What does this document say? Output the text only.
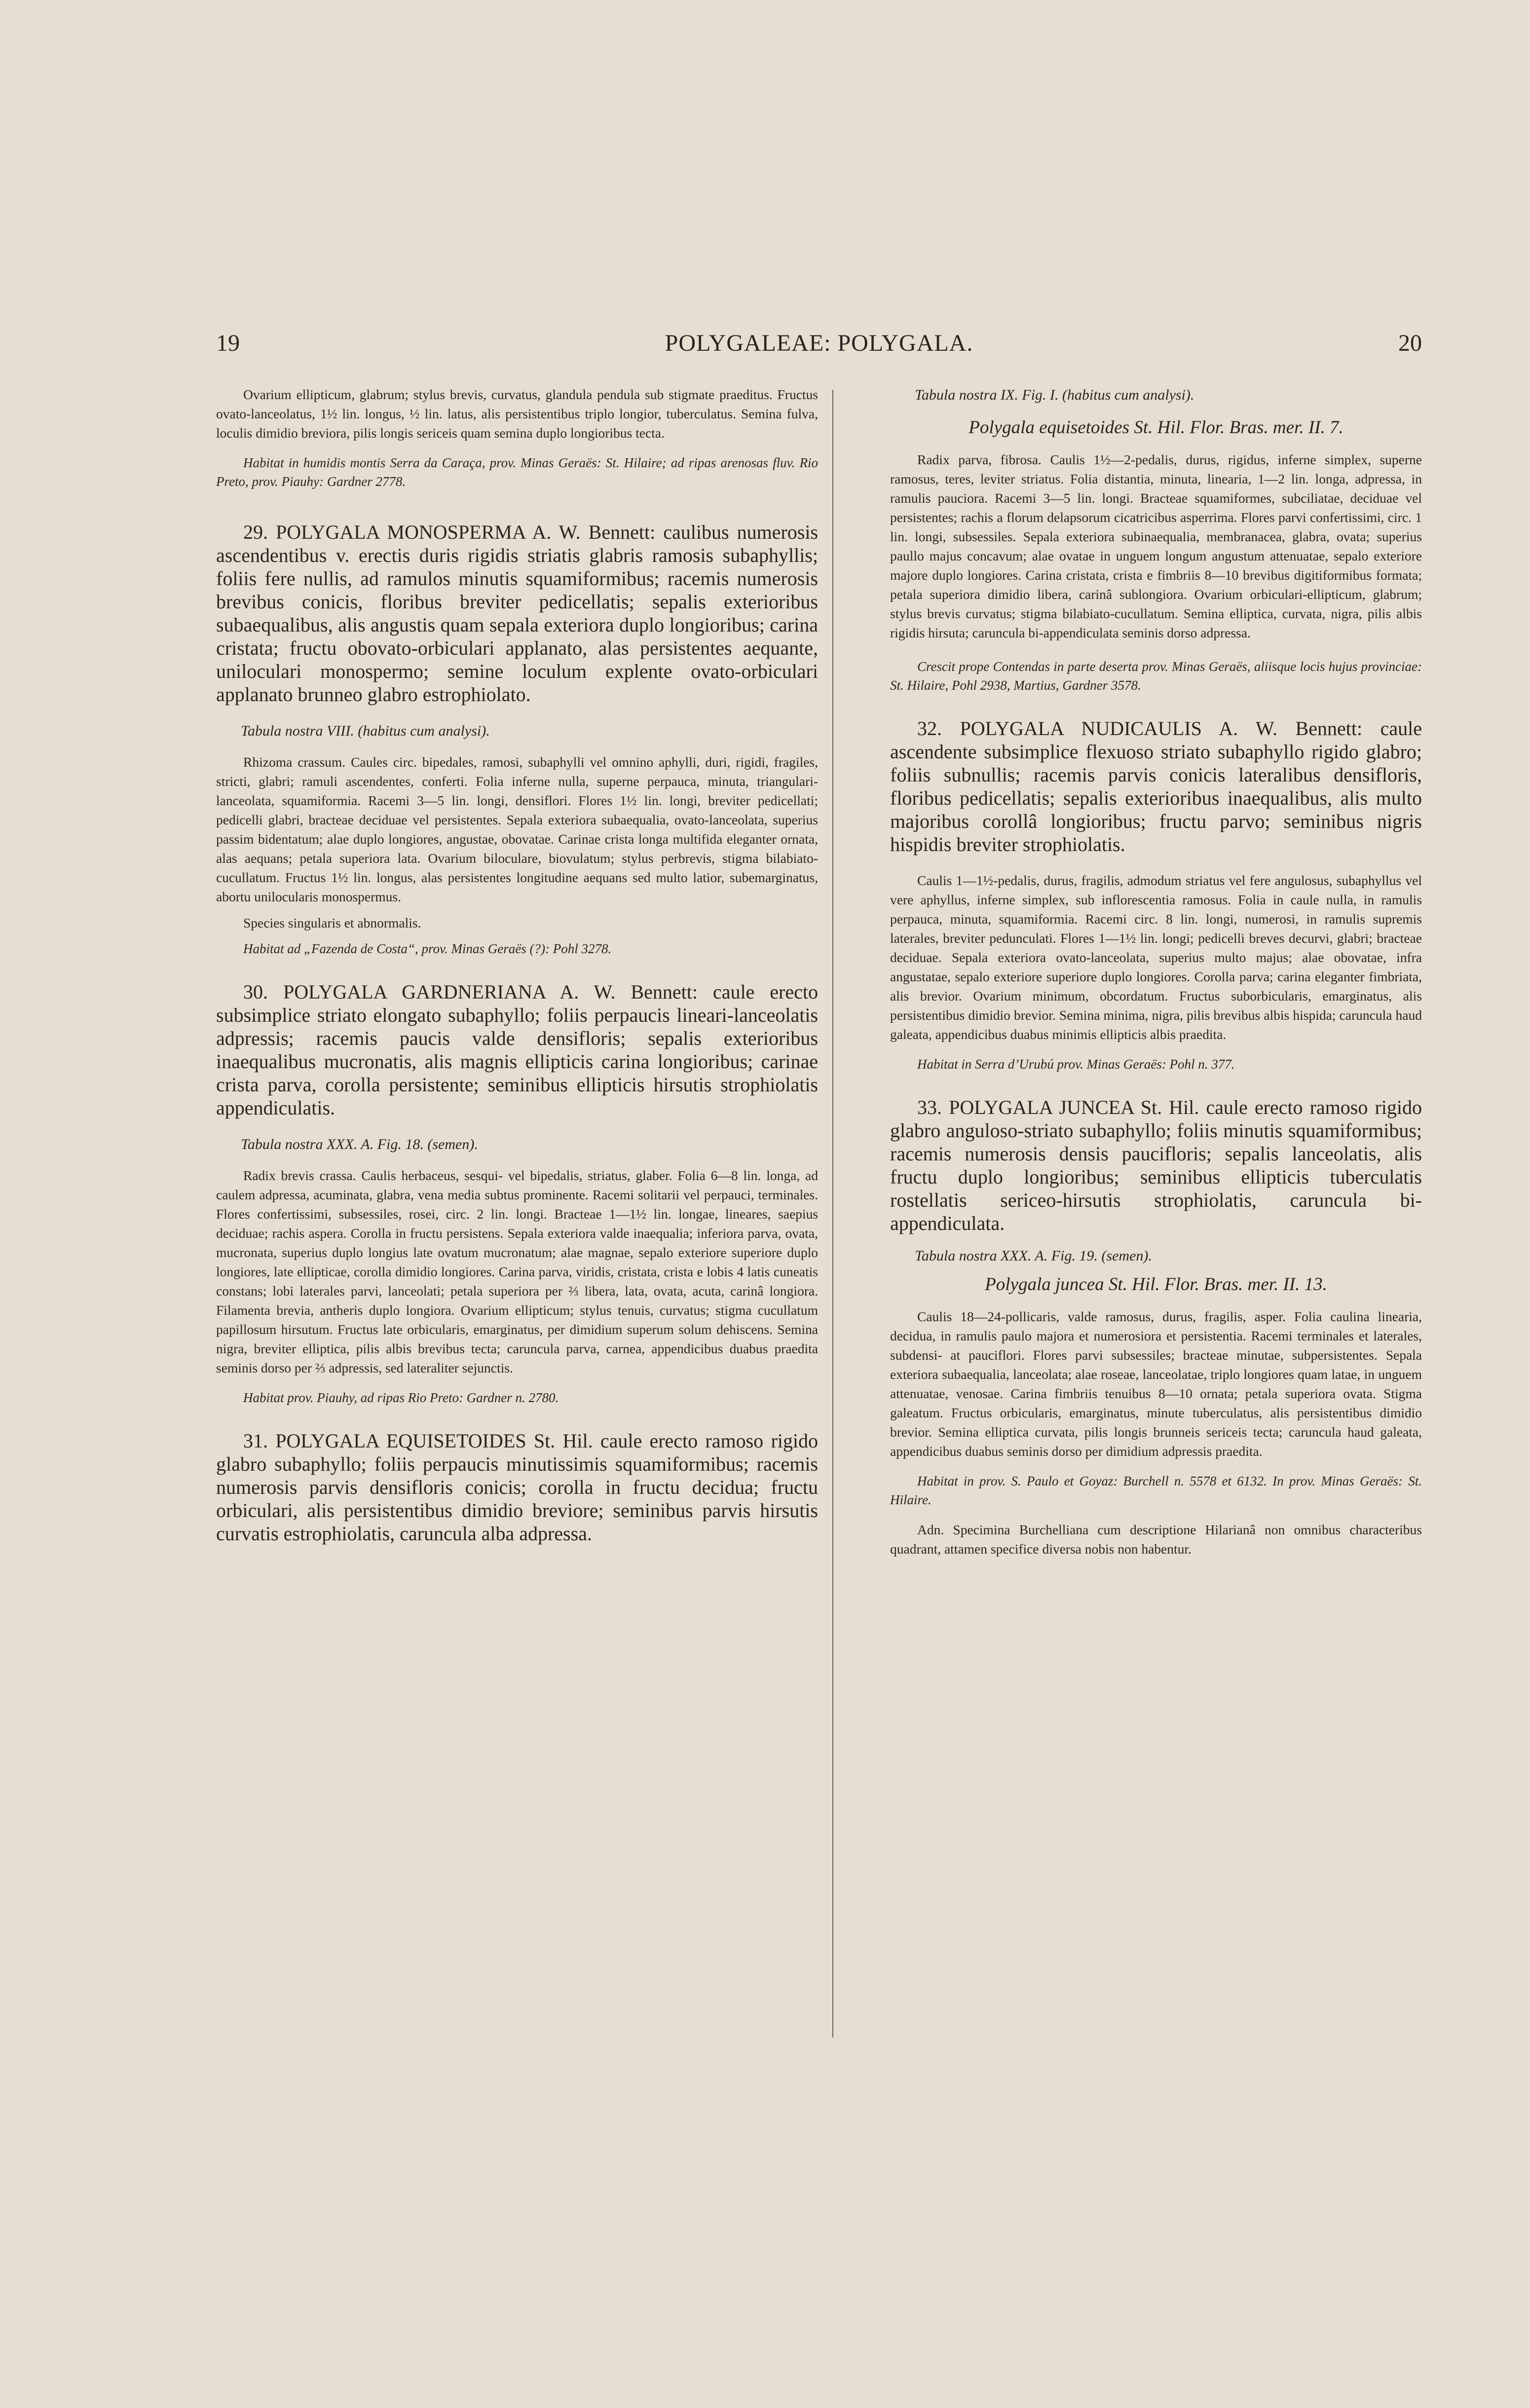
19	POLYGALEAE: POLYGALA.	20

Ovarium ellipticum, glabrum; stylus brevis, curvatus, glandula pendula sub stigmate praeditus. Fructus ovato-lanceolatus, 1½ lin. longus, ½ lin. latus, alis persistentibus triplo longior, tuberculatus. Semina fulva, loculis dimidio breviora, pilis longis sericeis quam semina duplo longioribus tecta.

Habitat in humidis montis Serra da Caraça, prov. Minas Geraës: St. Hilaire; ad ripas arenosas fluv. Rio Preto, prov. Piauhy: Gardner 2778.

29. POLYGALA MONOSPERMA A. W. Bennett: caulibus numerosis ascendentibus v. erectis duris rigidis striatis glabris ramosis subaphyllis; foliis fere nullis, ad ramulos minutis squamiformibus; racemis numerosis brevibus conicis, floribus breviter pedicellatis; sepalis exterioribus subaequalibus, alis angustis quam sepala exteriora duplo longioribus; carina cristata; fructu obovato-orbiculari applanato, alas persistentes aequante, uniloculari monospermo; semine loculum explente ovato-orbiculari applanato brunneo glabro estrophiolato.

Tabula nostra VIII. (habitus cum analysi).

Rhizoma crassum. Caules circ. bipedales, ramosi, subaphylli vel omnino aphylli, duri, rigidi, fragiles, stricti, glabri; ramuli ascendentes, conferti. Folia inferne nulla, superne perpauca, minuta, triangulari-lanceolata, squamiformia. Racemi 3—5 lin. longi, densiflori. Flores 1½ lin. longi, breviter pedicellati; pedicelli glabri, bracteae deciduae vel persistentes. Sepala exteriora subaequalia, ovato-lanceolata, superius passim bidentatum; alae duplo longiores, angustae, obovatae. Carinae crista longa multifida eleganter ornata, alas aequans; petala superiora lata. Ovarium biloculare, biovulatum; stylus perbrevis, stigma bilabiato-cucullatum. Fructus 1½ lin. longus, alas persistentes longitudine aequans sed multo latior, subemarginatus, abortu unilocularis monospermus.

Species singularis et abnormalis.

Habitat ad „Fazenda de Costa“, prov. Minas Geraës (?): Pohl 3278.

30. POLYGALA GARDNERIANA A. W. Bennett: caule erecto subsimplice striato elongato subaphyllo; foliis perpaucis lineari-lanceolatis adpressis; racemis paucis valde densifloris; sepalis exterioribus inaequalibus mucronatis, alis magnis ellipticis carina longioribus; carinae crista parva, corolla persistente; seminibus ellipticis hirsutis strophiolatis appendiculatis.

Tabula nostra XXX. A. Fig. 18. (semen).

Radix brevis crassa. Caulis herbaceus, sesqui- vel bipedalis, striatus, glaber. Folia 6—8 lin. longa, ad caulem adpressa, acuminata, glabra, vena media subtus prominente. Racemi solitarii vel perpauci, terminales. Flores confertissimi, subsessiles, rosei, circ. 2 lin. longi. Bracteae 1—1½ lin. longae, lineares, saepius deciduae; rachis aspera. Corolla in fructu persistens. Sepala exteriora valde inaequalia; inferiora parva, ovata, mucronata, superius duplo longius late ovatum mucronatum; alae magnae, sepalo exteriore superiore duplo longiores, late ellipticae, corolla dimidio longiores. Carina parva, viridis, cristata, crista e lobis 4 latis cuneatis constans; lobi laterales parvi, lanceolati; petala superiora per ⅔ libera, lata, ovata, acuta, carinâ longiora. Filamenta brevia, antheris duplo longiora. Ovarium ellipticum; stylus tenuis, curvatus; stigma cucullatum papillosum hirsutum. Fructus late orbicularis, emarginatus, per dimidium superum solum dehiscens. Semina nigra, breviter elliptica, pilis albis brevibus tecta; caruncula parva, carnea, appendicibus duabus praedita seminis dorso per ⅔ adpressis, sed lateraliter sejunctis.

Habitat prov. Piauhy, ad ripas Rio Preto: Gardner n. 2780.

31. POLYGALA EQUISETOIDES St. Hil. caule erecto ramoso rigido glabro subaphyllo; foliis perpaucis minutissimis squamiformibus; racemis numerosis parvis densifloris conicis; corolla in fructu decidua; fructu orbiculari, alis persistentibus dimidio breviore; seminibus parvis hirsutis curvatis estrophiolatis, caruncula alba adpressa.

Tabula nostra IX. Fig. I. (habitus cum analysi).

Polygala equisetoides St. Hil. Flor. Bras. mer. II. 7.

Radix parva, fibrosa. Caulis 1½—2-pedalis, durus, rigidus, inferne simplex, superne ramosus, teres, leviter striatus. Folia distantia, minuta, linearia, 1—2 lin. longa, adpressa, in ramulis pauciora. Racemi 3—5 lin. longi. Bracteae squamiformes, subciliatae, deciduae vel persistentes; rachis a florum delapsorum cicatricibus asperrima. Flores parvi confertissimi, circ. 1 lin. longi, subsessiles. Sepala exteriora subinaequalia, membranacea, glabra, ovata; superius paullo majus concavum; alae ovatae in unguem longum angustum attenuatae, sepalo exteriore majore duplo longiores. Carina cristata, crista e fimbriis 8—10 brevibus digitiformibus formata; petala superiora dimidio libera, carinâ sublongiora. Ovarium orbiculari-ellipticum, glabrum; stylus brevis curvatus; stigma bilabiato-cucullatum. Semina elliptica, curvata, nigra, pilis albis rigidis hirsuta; caruncula bi-appendiculata seminis dorso adpressa.

Crescit prope Contendas in parte deserta prov. Minas Geraës, aliisque locis hujus provinciae: St. Hilaire, Pohl 2938, Martius, Gardner 3578.

32. POLYGALA NUDICAULIS A. W. Bennett: caule ascendente subsimplice flexuoso striato subaphyllo rigido glabro; foliis subnullis; racemis parvis conicis lateralibus densifloris, floribus pedicellatis; sepalis exterioribus inaequalibus, alis multo majoribus corollâ longioribus; fructu parvo; seminibus nigris hispidis breviter strophiolatis.

Caulis 1—1½-pedalis, durus, fragilis, admodum striatus vel fere angulosus, subaphyllus vel vere aphyllus, inferne simplex, sub inflorescentia ramosus. Folia in caule nulla, in ramulis perpauca, minuta, squamiformia. Racemi circ. 8 lin. longi, numerosi, in ramulis supremis laterales, breviter pedunculati. Flores 1—1½ lin. longi; pedicelli breves decurvi, glabri; bracteae deciduae. Sepala exteriora ovato-lanceolata, superius multo majus; alae obovatae, infra angustatae, sepalo exteriore superiore duplo longiores. Corolla parva; carina eleganter fimbriata, alis brevior. Ovarium minimum, obcordatum. Fructus suborbicularis, emarginatus, alis persistentibus dimidio brevior. Semina minima, nigra, pilis brevibus albis hispida; caruncula haud galeata, appendicibus duabus minimis ellipticis albis praedita.

Habitat in Serra d’Urubú prov. Minas Geraës: Pohl n. 377.

33. POLYGALA JUNCEA St. Hil. caule erecto ramoso rigido glabro anguloso-striato subaphyllo; foliis minutis squamiformibus; racemis numerosis densis paucifloris; sepalis lanceolatis, alis fructu duplo longioribus; seminibus ellipticis tuberculatis rostellatis sericeo-hirsutis strophiolatis, caruncula bi-appendiculata.

Tabula nostra XXX. A. Fig. 19. (semen).

Polygala juncea St. Hil. Flor. Bras. mer. II. 13.

Caulis 18—24-pollicaris, valde ramosus, durus, fragilis, asper. Folia caulina linearia, decidua, in ramulis paulo majora et numerosiora et persistentia. Racemi terminales et laterales, subdensi- at pauciflori. Flores parvi subsessiles; bracteae minutae, subpersistentes. Sepala exteriora subaequalia, lanceolata; alae roseae, lanceolatae, triplo longiores quam latae, in unguem attenuatae, venosae. Carina fimbriis tenuibus 8—10 ornata; petala superiora ovata. Stigma galeatum. Fructus orbicularis, emarginatus, minute tuberculatus, alis persistentibus dimidio brevior. Semina elliptica curvata, pilis longis brunneis sericeis tecta; caruncula haud galeata, appendicibus duabus seminis dorso per dimidium adpressis praedita.

Habitat in prov. S. Paulo et Goyaz: Burchell n. 5578 et 6132. In prov. Minas Geraës: St. Hilaire.

Adn. Specimina Burchelliana cum descriptione Hilarianâ non omnibus characteribus quadrant, attamen specifice diversa nobis non habentur.
